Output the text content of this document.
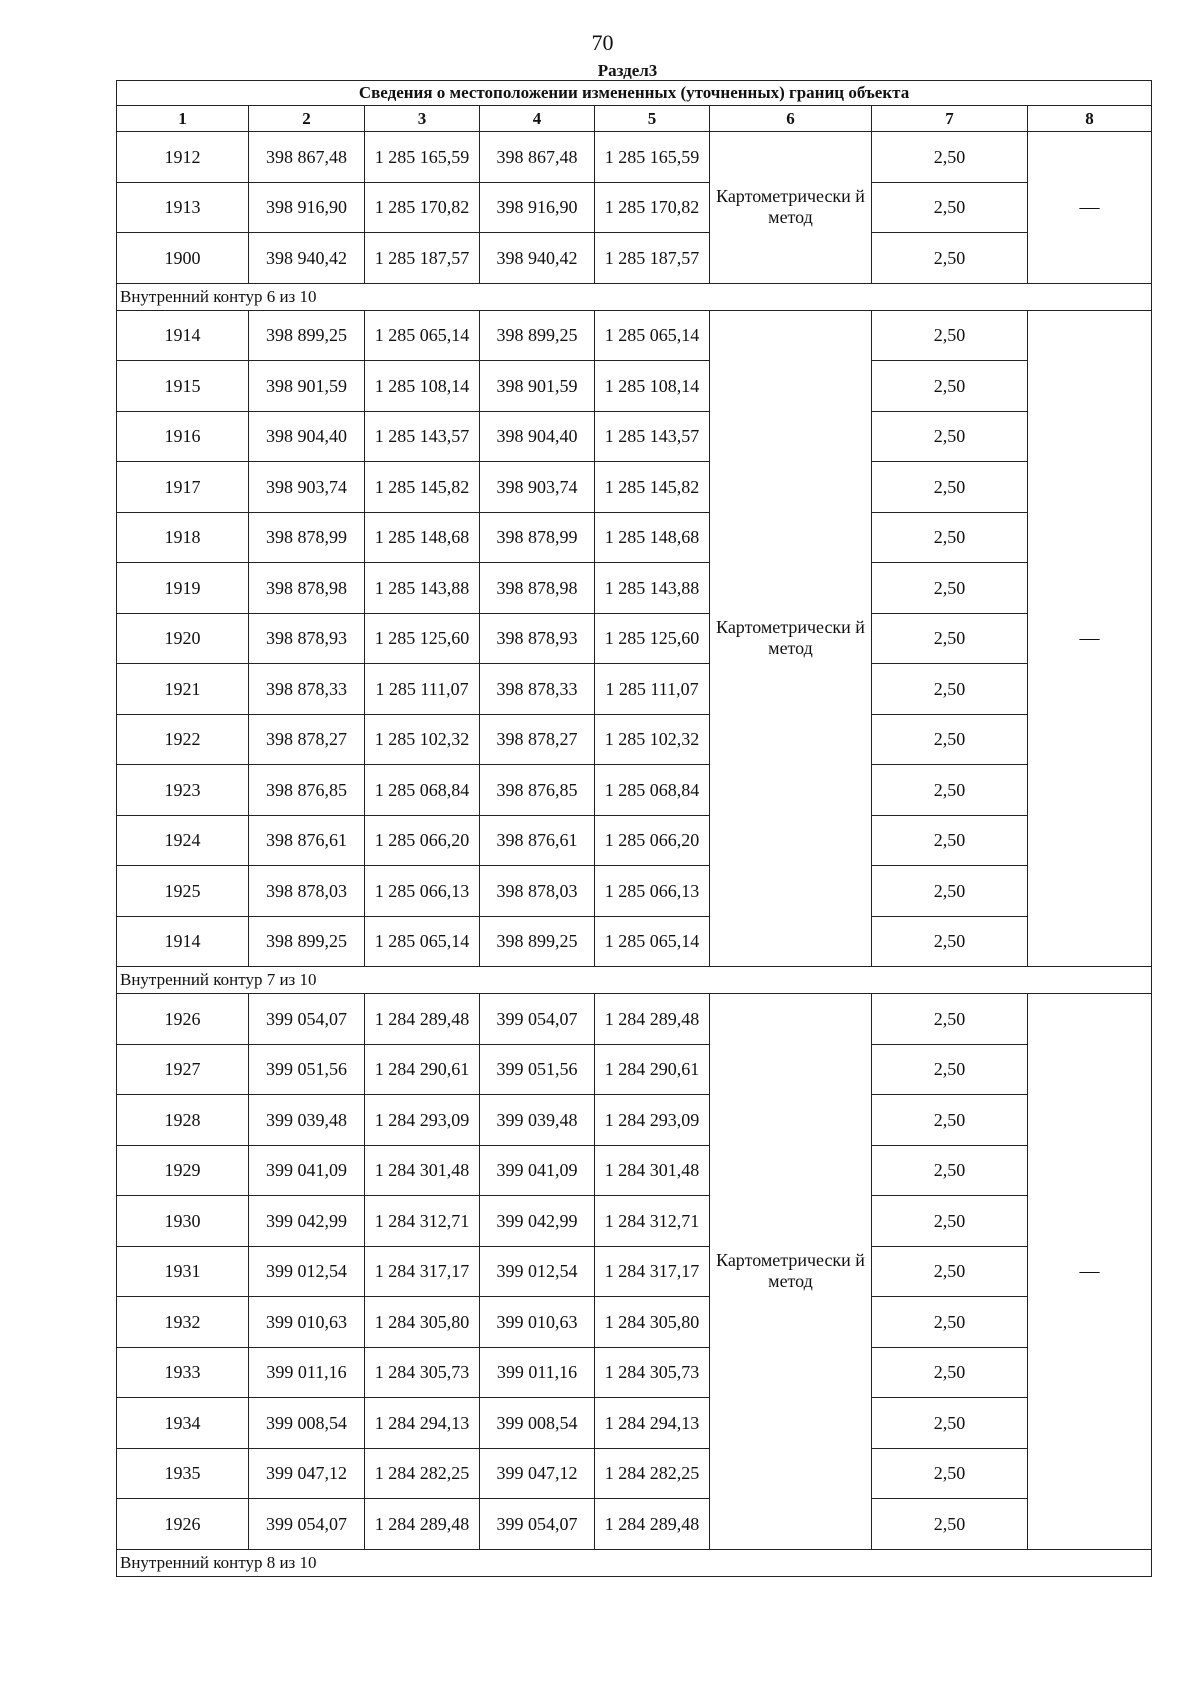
70
Раздел3
Сведения о местоположении измененных (уточненных) границ объекта							
1	2	3	4	5	6	7	8
1912	398 867,48	1 285 165,59	398 867,48	1 285 165,59	Картометрически й метод	2,50	—
1913	398 916,90	1 285 170,82	398 916,90	1 285 170,82		2,50	
1900	398 940,42	1 285 187,57	398 940,42	1 285 187,57		2,50	
Внутренний контур 6 из 10							
1914	398 899,25	1 285 065,14	398 899,25	1 285 065,14	Картометрически й метод	2,50	—
1915	398 901,59	1 285 108,14	398 901,59	1 285 108,14		2,50	
1916	398 904,40	1 285 143,57	398 904,40	1 285 143,57		2,50	
1917	398 903,74	1 285 145,82	398 903,74	1 285 145,82		2,50	
1918	398 878,99	1 285 148,68	398 878,99	1 285 148,68		2,50	
1919	398 878,98	1 285 143,88	398 878,98	1 285 143,88		2,50	
1920	398 878,93	1 285 125,60	398 878,93	1 285 125,60		2,50	
1921	398 878,33	1 285 111,07	398 878,33	1 285 111,07		2,50	
1922	398 878,27	1 285 102,32	398 878,27	1 285 102,32		2,50	
1923	398 876,85	1 285 068,84	398 876,85	1 285 068,84		2,50	
1924	398 876,61	1 285 066,20	398 876,61	1 285 066,20		2,50	
1925	398 878,03	1 285 066,13	398 878,03	1 285 066,13		2,50	
1914	398 899,25	1 285 065,14	398 899,25	1 285 065,14		2,50	
Внутренний контур 7 из 10							
1926	399 054,07	1 284 289,48	399 054,07	1 284 289,48	Картометрически й метод	2,50	—
1927	399 051,56	1 284 290,61	399 051,56	1 284 290,61		2,50	
1928	399 039,48	1 284 293,09	399 039,48	1 284 293,09		2,50	
1929	399 041,09	1 284 301,48	399 041,09	1 284 301,48		2,50	
1930	399 042,99	1 284 312,71	399 042,99	1 284 312,71		2,50	
1931	399 012,54	1 284 317,17	399 012,54	1 284 317,17		2,50	
1932	399 010,63	1 284 305,80	399 010,63	1 284 305,80		2,50	
1933	399 011,16	1 284 305,73	399 011,16	1 284 305,73		2,50	
1934	399 008,54	1 284 294,13	399 008,54	1 284 294,13		2,50	
1935	399 047,12	1 284 282,25	399 047,12	1 284 282,25		2,50	
1926	399 054,07	1 284 289,48	399 054,07	1 284 289,48		2,50	
Внутренний контур 8 из 10							
